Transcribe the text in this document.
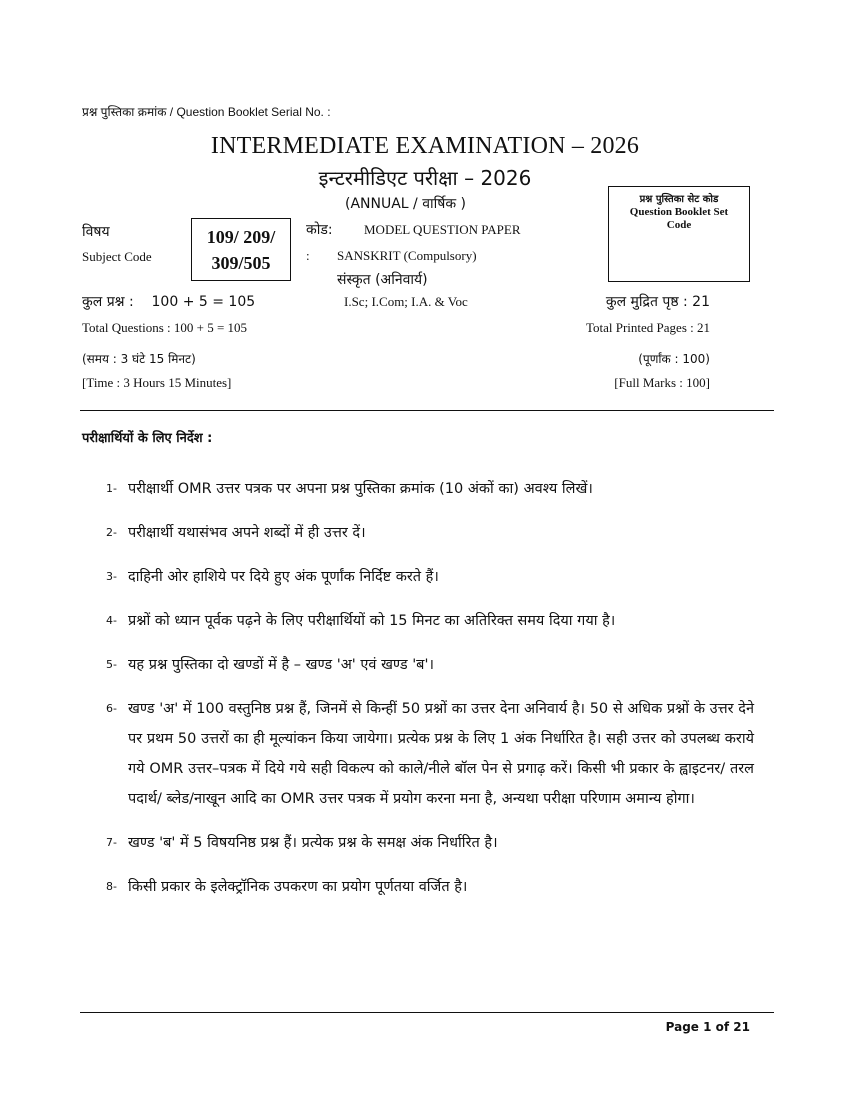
प्रश्न पुस्तिका क्रमांक / Question Booklet Serial No. :
INTERMEDIATE EXAMINATION – 2026
इन्टरमीडिएट परीक्षा – 2026
(ANNUAL / वार्षिक )
विषय
Subject Code
109/ 209/
309/505
कोड: MODEL QUESTION PAPER
: SANSKRIT (Compulsory)
संस्कृत (अनिवार्य)
प्रश्न पुस्तिका सेट कोड
Question Booklet Set
Code
कुल प्रश्न :    100 + 5 = 105	I.Sc; I.Com; I.A. & Voc	कुल मुद्रित पृष्ठ : 21
Total Questions : 100 + 5 = 105	Total Printed Pages : 21
(समय : 3 घंटे 15 मिनट)	(पूर्णांक : 100)
[Time : 3 Hours 15 Minutes]	[Full Marks : 100]
परीक्षार्थियों के लिए निर्देश :
1- परीक्षार्थी OMR उत्तर पत्रक पर अपना प्रश्न पुस्तिका क्रमांक (10 अंकों का) अवश्य लिखें।
2- परीक्षार्थी यथासंभव अपने शब्दों में ही उत्तर दें।
3- दाहिनी ओर हाशिये पर दिये हुए अंक पूर्णांक निर्दिष्ट करते हैं।
4- प्रश्नों को ध्यान पूर्वक पढ़ने के लिए परीक्षार्थियों को 15 मिनट का अतिरिक्त समय दिया गया है।
5- यह प्रश्न पुस्तिका दो खण्डों में है – खण्ड 'अ' एवं खण्ड 'ब'।
6- खण्ड 'अ' में 100 वस्तुनिष्ठ प्रश्न हैं, जिनमें से किन्हीं 50 प्रश्नों का उत्तर देना अनिवार्य है। 50 से अधिक प्रश्नों के उत्तर देने पर प्रथम 50 उत्तरों का ही मूल्यांकन किया जायेगा। प्रत्येक प्रश्न के लिए 1 अंक निर्धारित है। सही उत्तर को उपलब्ध कराये गये OMR उत्तर–पत्रक में दिये गये सही विकल्प को काले/नीले बॉल पेन से प्रगाढ़ करें। किसी भी प्रकार के ह्वाइटनर/ तरल पदार्थ/ ब्लेड/नाखून आदि का OMR उत्तर पत्रक में प्रयोग करना मना है, अन्यथा परीक्षा परिणाम अमान्य होगा।
7- खण्ड 'ब' में 5 विषयनिष्ठ प्रश्न हैं। प्रत्येक प्रश्न के समक्ष अंक निर्धारित है।
8- किसी प्रकार के इलेक्ट्रॉनिक उपकरण का प्रयोग पूर्णतया वर्जित है।
Page 1 of 21
